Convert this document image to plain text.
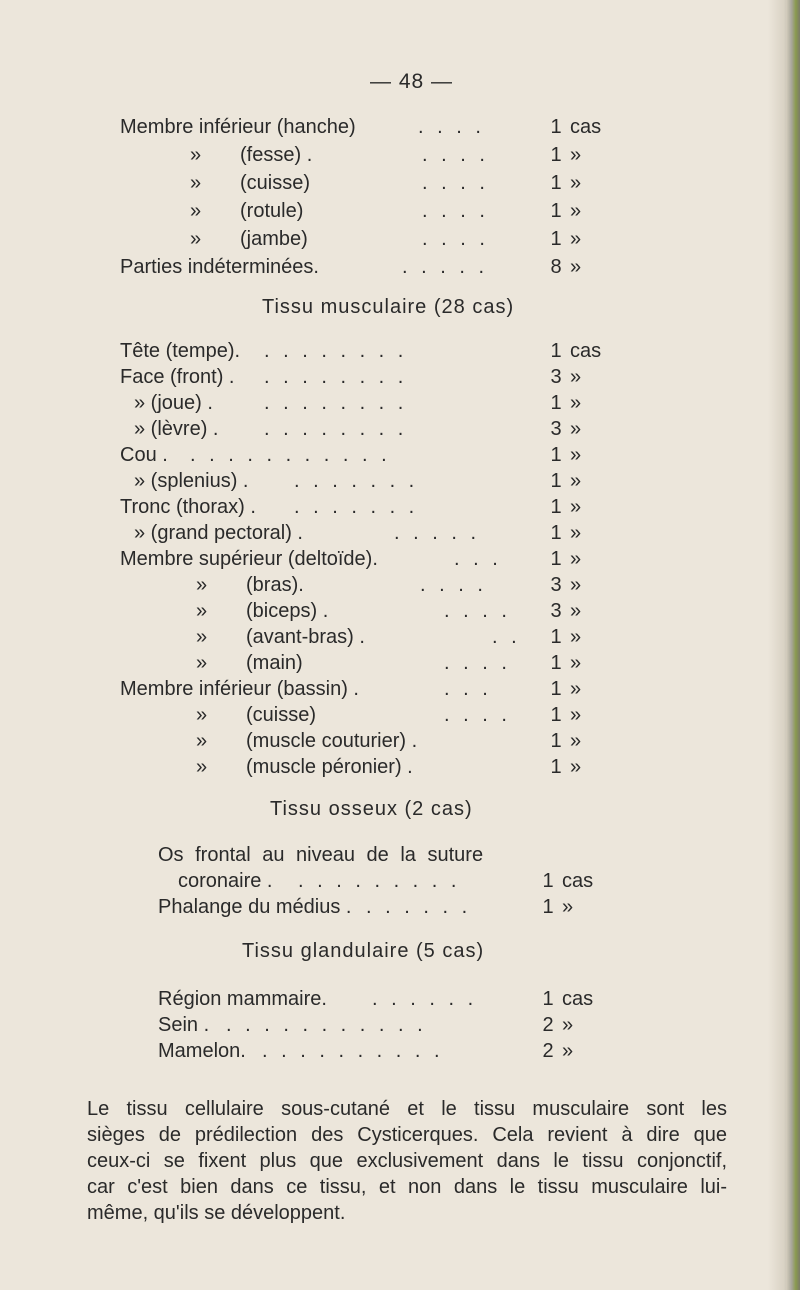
— 48 —
Membre inférieur (hanche)	. . . .	1 cas
»       (fesse) .	. . . .	1 »
»       (cuisse)	. . . .	1 »
»       (rotule)	. . . .	1 »
»       (jambe)	. . . .	1 »
Parties indéterminées.	. . . . .	8 »
Tissu musculaire (28 cas)
Tête (tempe). . . . . . . . .	1 cas
Face (front) . . . . . . . . .	3 »
» (joue) .	. . . . . . . .	1 »
» (lèvre) . . . . . . . . .	3 »
Cou . . . . . . . . . . . .	1 »
» (splenius) . . . . . . . .	1 »
Tronc (thorax) . . . . . . . .	1 »
» (grand pectoral) .	. . . . .	1 »
Membre supérieur (deltoïde).	. . . 1 »
»       (bras).	. . . .	3 »
»       (biceps) .	. . . . 3 »
»       (avant-bras) .	. . 1 »
»       (main)	. . . . 1 »
Membre inférieur (bassin) .	. . .	1 »
»       (cuisse)	. . . . 1 »
»       (muscle couturier) .	1 »
»       (muscle péronier) .	1 »
Tissu osseux (2 cas)
Os frontal au niveau de la suture
coronaire . . . . . . . . . .	1 cas
Phalange du médius . . . . . . .	1 »
Tissu glandulaire (5 cas)
Région mammaire. . . . . . .	1 cas
Sein . . . . . . . . . . . .	2 »
Mamelon. . . . . . . . . . .	2 »
Le tissu cellulaire sous-cutané et le tissu musculaire sont les
sièges de prédilection des Cysticerques. Cela revient à dire que
ceux-ci se fixent plus que exclusivement dans le tissu conjonctif,
car c'est bien dans ce tissu, et non dans le tissu musculaire lui-
même, qu'ils se développent.
